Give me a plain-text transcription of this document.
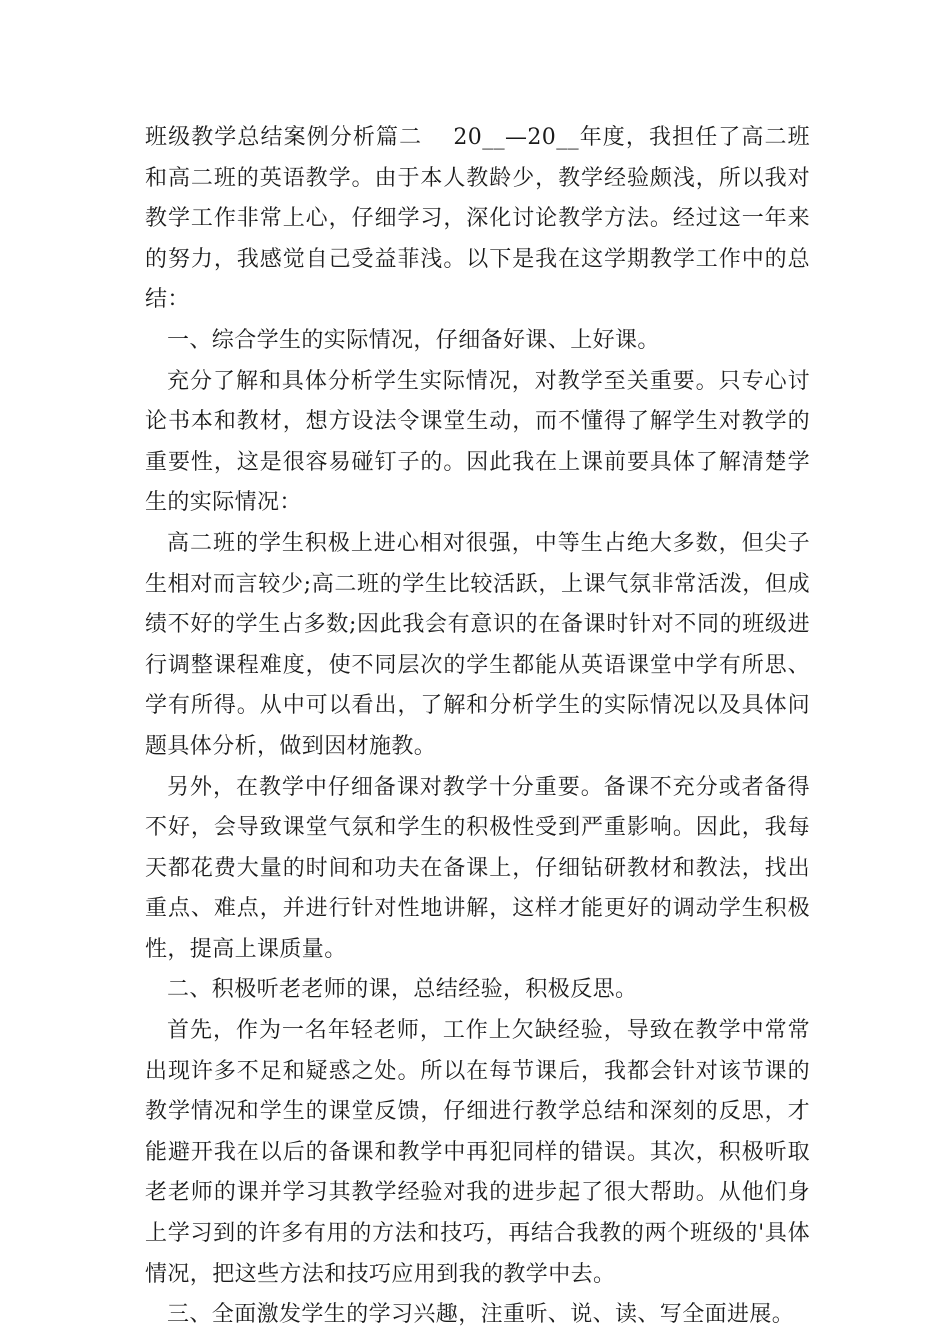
班级教学总结案例分析篇二　 20__—20__年度，我担任了高二班和高二班的英语教学。由于本人教龄少，教学经验颇浅，所以我对教学工作非常上心，仔细学习，深化讨论教学方法。经过这一年来的努力，我感觉自己受益菲浅。以下是我在这学期教学工作中的总结：

一、综合学生的实际情况，仔细备好课、上好课。

充分了解和具体分析学生实际情况，对教学至关重要。只专心讨论书本和教材，想方设法令课堂生动，而不懂得了解学生对教学的重要性，这是很容易碰钉子的。因此我在上课前要具体了解清楚学生的实际情况：

高二班的学生积极上进心相对很强，中等生占绝大多数，但尖子生相对而言较少;高二班的学生比较活跃，上课气氛非常活泼，但成绩不好的学生占多数;因此我会有意识的在备课时针对不同的班级进行调整课程难度，使不同层次的学生都能从英语课堂中学有所思、学有所得。从中可以看出，了解和分析学生的实际情况以及具体问题具体分析，做到因材施教。

另外，在教学中仔细备课对教学十分重要。备课不充分或者备得不好，会导致课堂气氛和学生的积极性受到严重影响。因此，我每天都花费大量的时间和功夫在备课上，仔细钻研教材和教法，找出重点、难点，并进行针对性地讲解，这样才能更好的调动学生积极性，提高上课质量。

二、积极听老老师的课，总结经验，积极反思。

首先，作为一名年轻老师，工作上欠缺经验，导致在教学中常常出现许多不足和疑惑之处。所以在每节课后，我都会针对该节课的教学情况和学生的课堂反馈，仔细进行教学总结和深刻的反思，才能避开我在以后的备课和教学中再犯同样的错误。其次，积极听取老老师的课并学习其教学经验对我的进步起了很大帮助。从他们身上学习到的许多有用的方法和技巧，再结合我教的两个班级的'具体情况，把这些方法和技巧应用到我的教学中去。

三、全面激发学生的学习兴趣，注重听、说、读、写全面进展。
